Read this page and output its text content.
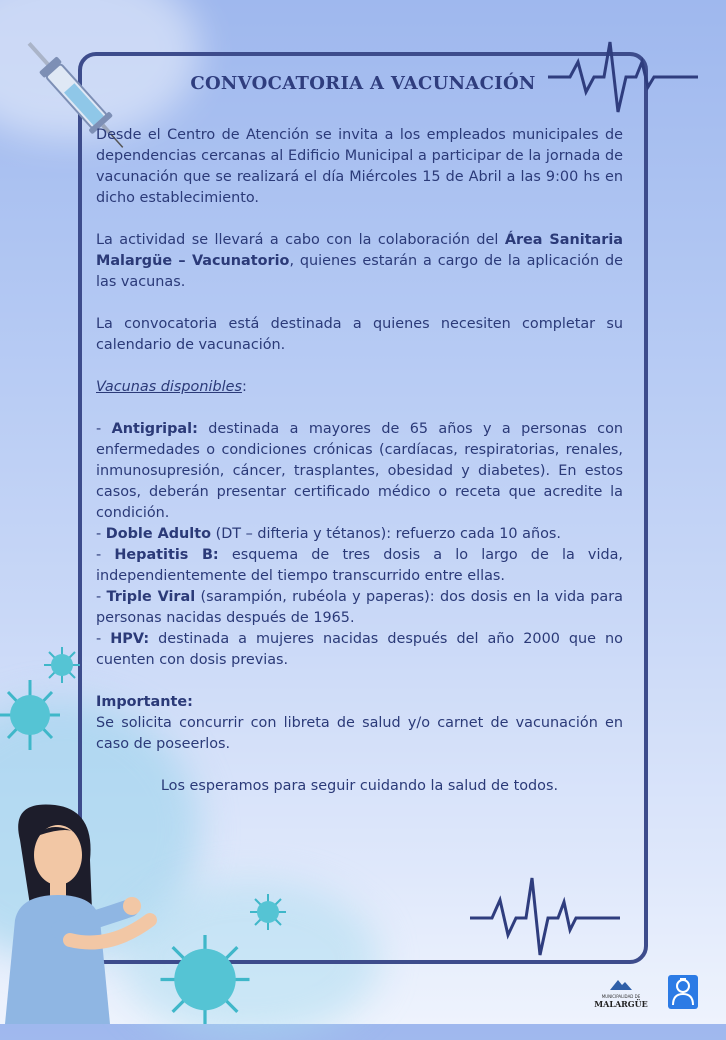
CONVOCATORIA A VACUNACIÓN

Desde el Centro de Atención se invita a los empleados municipales de dependencias cercanas al Edificio Municipal a participar de la jornada de vacunación que se realizará el día Miércoles 15 de Abril a las 9:00 hs en dicho establecimiento.

La actividad se llevará a cabo con la colaboración del Área Sanitaria Malargüe – Vacunatorio, quienes estarán a cargo de la aplicación de las vacunas.

La convocatoria está destinada a quienes necesiten completar su calendario de vacunación.

Vacunas disponibles:

- Antigripal: destinada a mayores de 65 años y a personas con enfermedades o condiciones crónicas (cardíacas, respiratorias, renales, inmunosupresión, cáncer, trasplantes, obesidad y diabetes). En estos casos, deberán presentar certificado médico o receta que acredite la condición.

- Doble Adulto (DT – difteria y tétanos): refuerzo cada 10 años.

- Hepatitis B: esquema de tres dosis a lo largo de la vida, independientemente del tiempo transcurrido entre ellas.

- Triple Viral (sarampión, rubéola y paperas): dos dosis en la vida para personas nacidas después de 1965.

- HPV: destinada a mujeres nacidas después del año 2000 que no cuenten con dosis previas.

Importante:

Se solicita concurrir con libreta de salud y/o carnet de vacunación en caso de poseerlos.

Los esperamos para seguir cuidando la salud de todos.

MUNICIPALIDAD DE
MALARGÜE
